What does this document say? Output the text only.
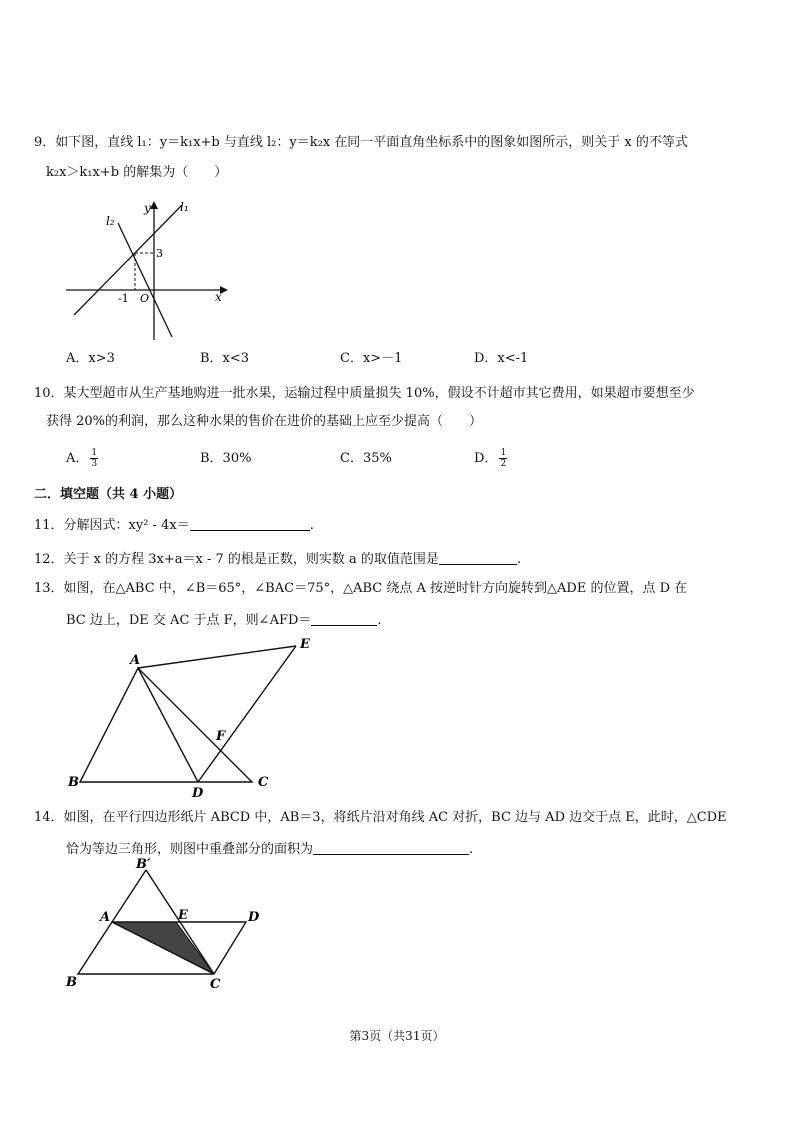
9．如下图，直线 l₁：y＝k₁x+b 与直线 l₂：y＝k₂x 在同一平面直角坐标系中的图象如图所示，则关于 x 的不等式
k₂x＞k₁x+b 的解集为（　　）
l₂
l₁
y
x
3
-1 O
A．x>3	B．x<3	C．x>－1	D．x<-1
10．某大型超市从生产基地购进一批水果，运输过程中质量损失 10%，假设不计超市其它费用，如果超市要想至少
获得 20%的利润，那么这种水果的售价在进价的基础上应至少提高（　　）
A． $\frac{1}{3}$	B．30%	C．35%	D． $\frac{1}{2}$
二．填空题（共 4 小题）
11．分解因式：xy² - 4x＝	.
12．关于 x 的方程 3x+a＝x - 7 的根是正数，则实数 a 的取值范围是	.
13．如图，在△ABC 中，∠B＝65°，∠BAC＝75°，△ABC 绕点 A 按逆时针方向旋转到△ADE 的位置，点 D 在
BC 边上，DE 交 AC 于点 F，则∠AFD＝	.
A
B	C
D
E
F
14．如图，在平行四边形纸片 ABCD 中，AB＝3，将纸片沿对角线 AC 对折，BC 边与 AD 边交于点 E，此时，△CDE
恰为等边三角形，则图中重叠部分的面积为	.
A
B	C
D
E
B′
第3页（共31页）
